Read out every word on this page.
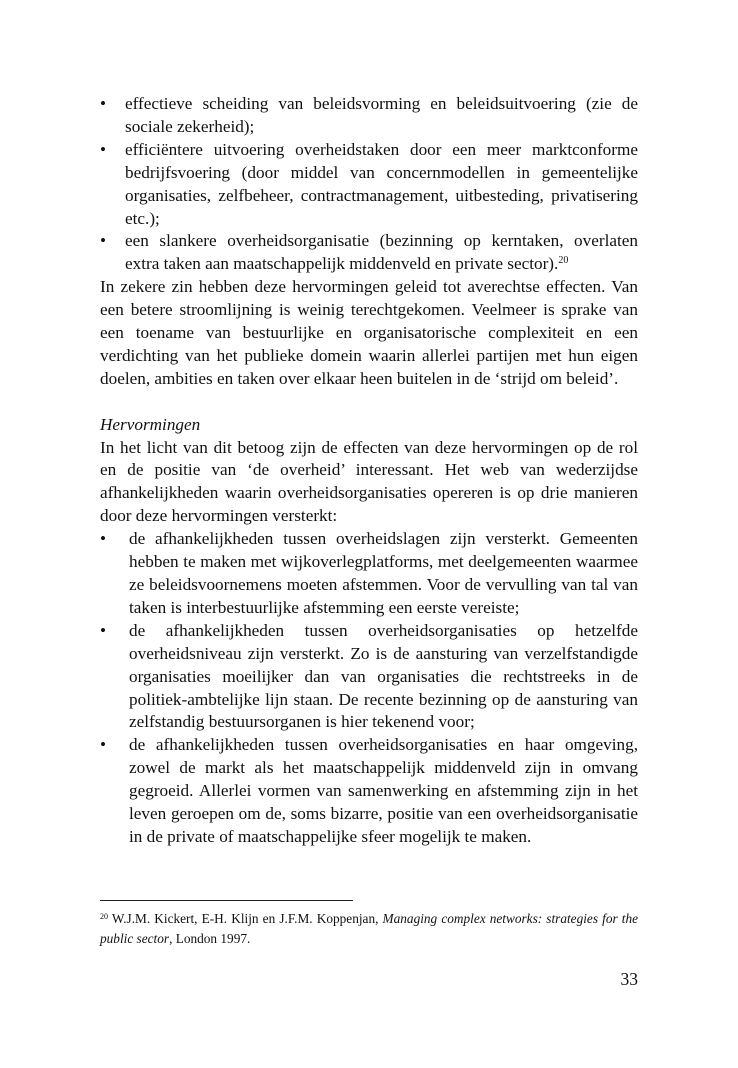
• effectieve scheiding van beleidsvorming en beleidsuitvoering (zie de sociale zekerheid);
• efficiëntere uitvoering overheidstaken door een meer marktconforme bedrijfsvoering (door middel van concernmodellen in gemeentelijke organisaties, zelfbeheer, contractmanagement, uitbesteding, privatisering etc.);
• een slankere overheidsorganisatie (bezinning op kerntaken, overlaten extra taken aan maatschappelijk middenveld en private sector).$^{20}$

In zekere zin hebben deze hervormingen geleid tot averechtse effecten. Van een betere stroomlijning is weinig terechtgekomen. Veelmeer is sprake van een toename van bestuurlijke en organisatorische complexiteit en een verdichting van het publieke domein waarin allerlei partijen met hun eigen doelen, ambities en taken over elkaar heen buitelen in de ‘strijd om beleid’.

Hervormingen

In het licht van dit betoog zijn de effecten van deze hervormingen op de rol en de positie van ‘de overheid’ interessant. Het web van wederzijdse afhankelijkheden waarin overheidsorganisaties opereren is op drie manieren door deze hervormingen versterkt:

• de afhankelijkheden tussen overheidslagen zijn versterkt. Gemeenten hebben te maken met wijkoverlegplatforms, met deelgemeenten waarmee ze beleidsvoornemens moeten afstemmen. Voor de vervulling van tal van taken is interbestuurlijke afstemming een eerste vereiste;
• de afhankelijkheden tussen overheidsorganisaties op hetzelfde overheidsniveau zijn versterkt. Zo is de aansturing van verzelfstandigde organisaties moeilijker dan van organisaties die rechtstreeks in de politiek-ambtelijke lijn staan. De recente bezinning op de aansturing van zelfstandig bestuursorganen is hier tekenend voor;
• de afhankelijkheden tussen overheidsorganisaties en haar omgeving, zowel de markt als het maatschappelijk middenveld zijn in omvang gegroeid. Allerlei vormen van samenwerking en afstemming zijn in het leven geroepen om de, soms bizarre, positie van een overheidsorganisatie in de private of maatschappelijke sfeer mogelijk te maken.
$^{20}$ W.J.M. Kickert, E-H. Klijn en J.F.M. Koppenjan, Managing complex networks: strategies for the public sector, London 1997.
33
